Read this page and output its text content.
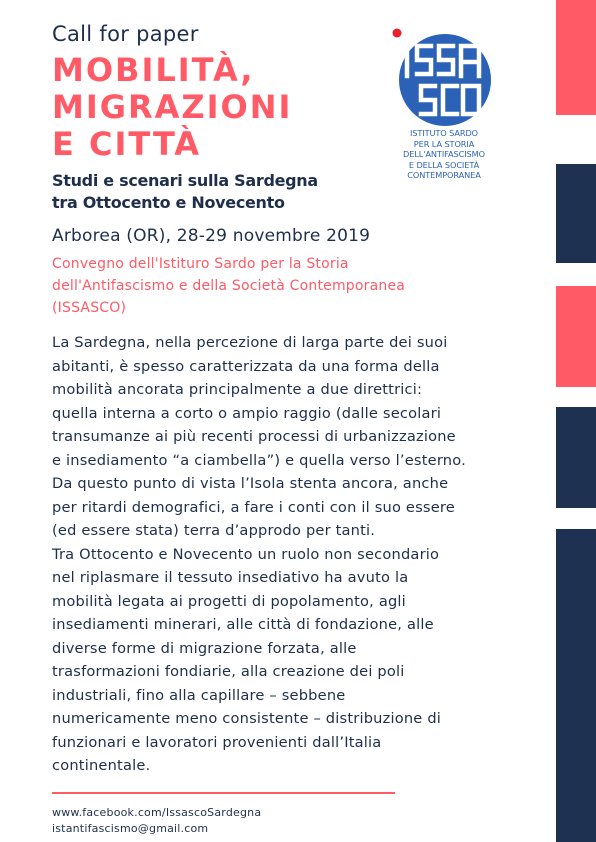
Call for paper
MOBILITÀ,
MIGRAZIONI
E CITTÀ
Studi e scenari sulla Sardegna
tra Ottocento e Novecento
Arborea (OR), 28-29 novembre 2019
Convegno dell'Istituro Sardo per la Storia
dell'Antifascismo e della Società Contemporanea
(ISSASCO)
ISTITUTO SARDO
PER LA STORIA
DELL'ANTIFASCISMO
E DELLA SOCIETÀ
CONTEMPORANEA

La Sardegna, nella percezione di larga parte dei suoi

abitanti, è spesso caratterizzata da una forma della

mobilità ancorata principalmente a due direttrici:

quella interna a corto o ampio raggio (dalle secolari

transumanze ai più recenti processi di urbanizzazione

e insediamento “a ciambella”) e quella verso l’esterno.

Da questo punto di vista l’Isola stenta ancora, anche

per ritardi demografici, a fare i conti con il suo essere

(ed essere stata) terra d’approdo per tanti.

Tra Ottocento e Novecento un ruolo non secondario

nel riplasmare il tessuto insediativo ha avuto la

mobilità legata ai progetti di popolamento, agli

insediamenti minerari, alle città di fondazione, alle

diverse forme di migrazione forzata, alle

trasformazioni fondiarie, alla creazione dei poli

industriali, fino alla capillare – sebbene

numericamente meno consistente – distribuzione di

funzionari e lavoratori provenienti dall’Italia

continentale.

www.facebook.com/IssascoSardegna
istantifascismo@gmail.com
